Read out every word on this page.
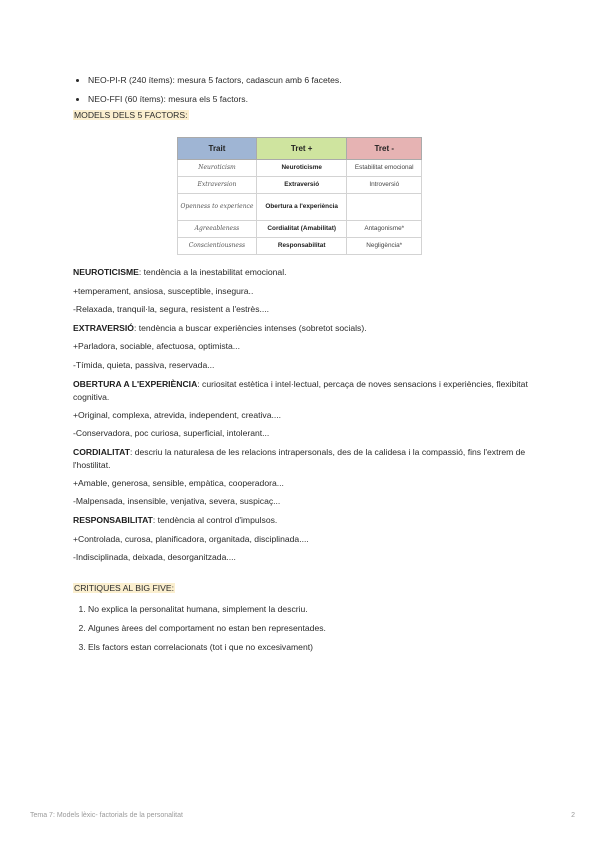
• NEO-PI-R (240 ítems): mesura 5 factors, cadascun amb 6 facetes.
• NEO-FFI (60 ítems): mesura els 5 factors.
MODELS DELS 5 FACTORS:
Trait	Tret +	Tret -
Neuroticism	Neuroticisme	Estabilitat emocional
Extraversion	Extraversió	Introversió
Openness to experience	Obertura a l'experiència	
Agreeableness	Cordialitat (Amabilitat)	Antagonisme*
Conscientiousness	Responsabilitat	Negligència*

NEUROTICISME: tendència a la inestabilitat emocional.

+temperament, ansiosa, susceptible, insegura..

-Relaxada, tranquil·la, segura, resistent a l'estrès....

EXTRAVERSIÓ: tendència a buscar experiències intenses (sobretot socials).

+Parladora, sociable, afectuosa, optimista...

-Tímida, quieta, passiva, reservada...

OBERTURA A L'EXPERIÈNCIA: curiositat estètica i intel·lectual, percaça de noves sensacions i experiències, flexibitat cognitiva.

+Original, complexa, atrevida, independent, creativa....

-Conservadora, poc curiosa, superficial, intolerant...

CORDIALITAT: descriu la naturalesa de les relacions intrapersonals, des de la calidesa i la compassió, fins l'extrem de l'hostilitat.

+Amable, generosa, sensible, empàtica, cooperadora...

-Malpensada, insensible, venjativa, severa, suspicaç...

RESPONSABILITAT: tendència al control d'impulsos.

+Controlada, curosa, planificadora, organitada, disciplinada....

-Indisciplinada, deixada, desorganitzada....

CRITIQUES AL BIG FIVE:
1. No explica la personalitat humana, simplement la descriu.
2. Algunes àrees del comportament no estan ben representades.
3. Els factors estan correlacionats (tot i que no excesivament)
Tema 7: Models lèxic- factorials de la personalitat	2
